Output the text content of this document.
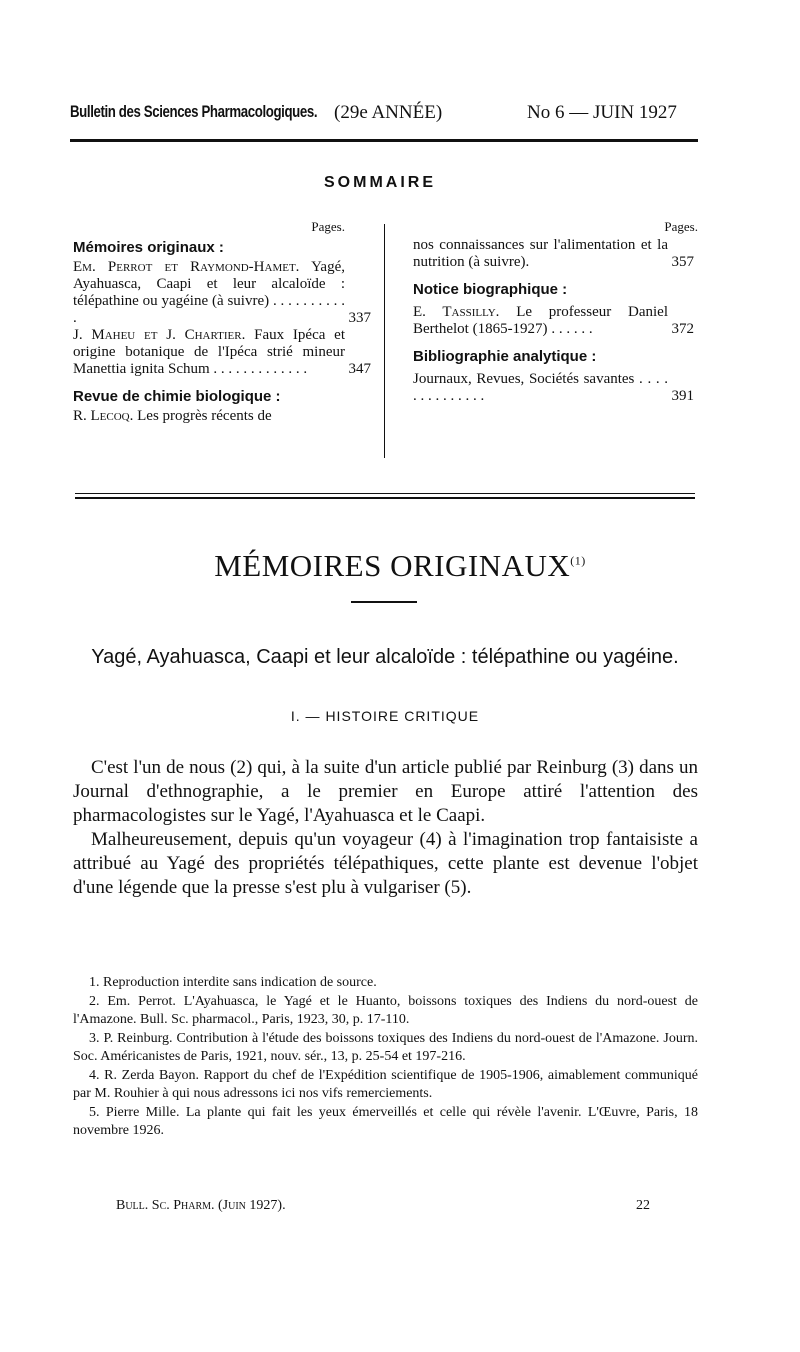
Bulletin des Sciences Pharmacologiques. (29e ANNÉE)	No 6 — JUIN 1927
SOMMAIRE
Pages.
Mémoires originaux :
Em. Perrot et Raymond-Hamet. Yagé, Ayahuasca, Caapi et leur alcaloïde : télépathine ou yagéine (à suivre) . . . . . . . . . . .	337
J. Maheu et J. Chartier. Faux Ipéca et origine botanique de l'Ipéca strié mineur Manettia ignita Schum . . . . . . . . . . . . .	347
Revue de chimie biologique :
R. Lecoq. Les progrès récents de
Pages.
nos connaissances sur l'alimentation et la nutrition (à suivre).	357
Notice biographique :
E. Tassilly. Le professeur Daniel Berthelot (1865-1927) . . . . . .	372
Bibliographie analytique :
Journaux, Revues, Sociétés savantes . . . . . . . . . . . . . .	391
MÉMOIRES ORIGINAUX$^{(1)}$
Yagé, Ayahuasca, Caapi et leur alcaloïde : télépathine ou yagéine.
I. — HISTOIRE CRITIQUE

C'est l'un de nous (2) qui, à la suite d'un article publié par Reinburg (3) dans un Journal d'ethnographie, a le premier en Europe attiré l'attention des pharmacologistes sur le Yagé, l'Ayahuasca et le Caapi.

Malheureusement, depuis qu'un voyageur (4) à l'imagination trop fantaisiste a attribué au Yagé des propriétés télépathiques, cette plante est devenue l'objet d'une légende que la presse s'est plu à vulgariser (5).

1. Reproduction interdite sans indication de source.

2. Em. Perrot. L'Ayahuasca, le Yagé et le Huanto, boissons toxiques des Indiens du nord-ouest de l'Amazone. Bull. Sc. pharmacol., Paris, 1923, 30, p. 17-110.

3. P. Reinburg. Contribution à l'étude des boissons toxiques des Indiens du nord-ouest de l'Amazone. Journ. Soc. Américanistes de Paris, 1921, nouv. sér., 13, p. 25-54 et 197-216.

4. R. Zerda Bayon. Rapport du chef de l'Expédition scientifique de 1905-1906, aimablement communiqué par M. Rouhier à qui nous adressons ici nos vifs remerciements.

5. Pierre Mille. La plante qui fait les yeux émerveillés et celle qui révèle l'avenir. L'Œuvre, Paris, 18 novembre 1926.

Bull. Sc. Pharm. (Juin 1927).	22
